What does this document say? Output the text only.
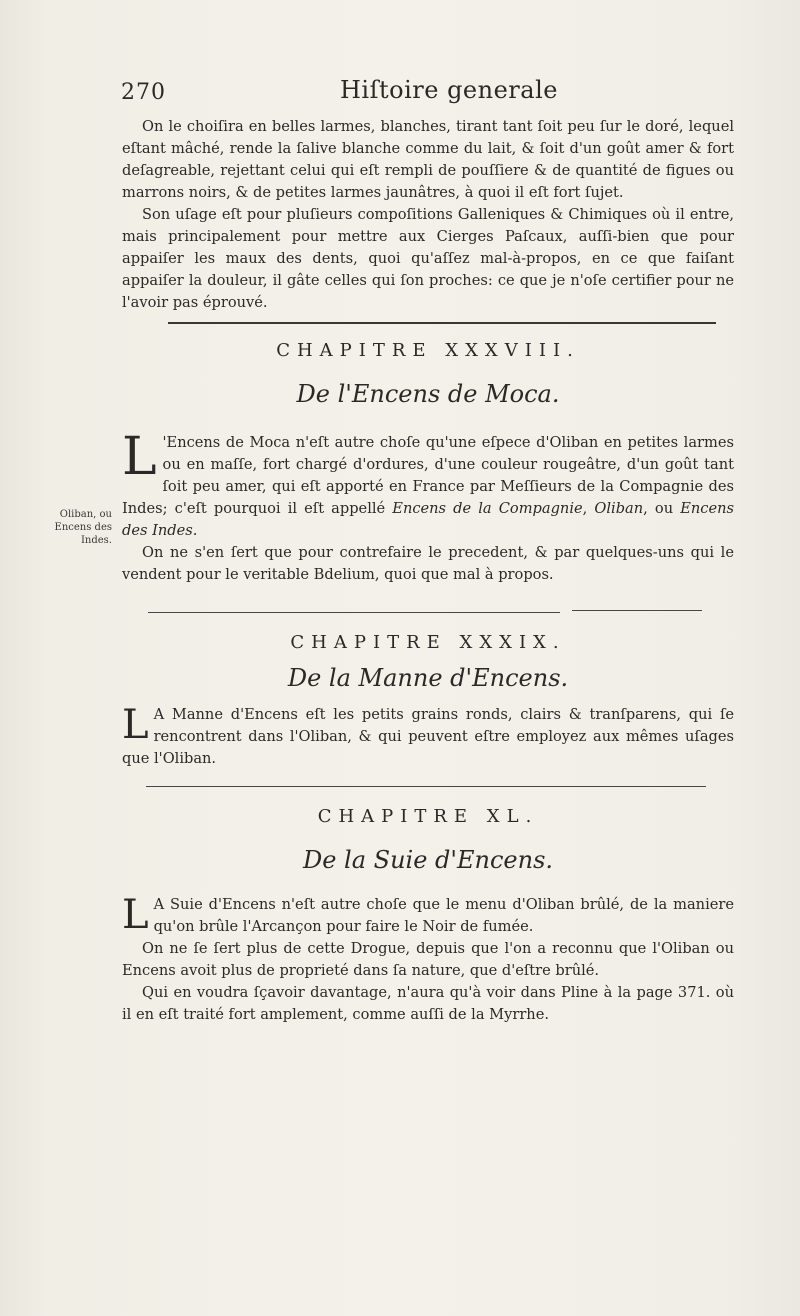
270	Hiſtoire generale

On le choiſira en belles larmes, blanches, tirant tant ſoit peu ſur le doré, lequel eſtant mâché, rende la ſalive blanche comme du lait, & ſoit d'un goût amer & fort deſagreable, rejettant celui qui eſt rempli de pouſſiere & de quantité de figues ou marrons noirs, & de petites larmes jaunâtres, à quoi il eſt fort ſujet.

Son uſage eſt pour pluſieurs compoſitions Galleniques & Chimiques où il entre, mais principalement pour mettre aux Cierges Paſcaux, auſſi-bien que pour appaiſer les maux des dents, quoi qu'aſſez mal-à-propos, en ce que faiſant appaiſer la douleur, il gâte celles qui ſon proches: ce que je n'oſe certifier pour ne l'avoir pas éprouvé.

CHAPITRE XXXVIII.
De l'Encens de Moca.

L 'Encens de Moca n'eſt autre choſe qu'une eſpece d'Oliban en petites larmes ou en maſſe, fort chargé d'ordures, d'une couleur rougeâtre, d'un goût tant ſoit peu amer, qui eſt apporté en France par Meſſieurs de la Compagnie des Indes; c'eſt pourquoi il eſt appellé Encens de la Compagnie, Oliban, ou Encens des Indes.

On ne s'en ſert que pour contrefaire le precedent, & par quelques-uns qui le vendent pour le veritable Bdelium, quoi que mal à propos.

Oliban, ou Encens des Indes.
CHAPITRE XXXIX.
De la Manne d'Encens.

L A Manne d'Encens eſt les petits grains ronds, clairs & tranſparens, qui ſe rencontrent dans l'Oliban, & qui peuvent eſtre employez aux mêmes uſages que l'Oliban.

CHAPITRE XL.
De la Suie d'Encens.

L A Suie d'Encens n'eſt autre choſe que le menu d'Oliban brûlé, de la maniere qu'on brûle l'Arcançon pour faire le Noir de fumée.

On ne ſe ſert plus de cette Drogue, depuis que l'on a reconnu que l'Oliban ou Encens avoit plus de proprieté dans ſa nature, que d'eſtre brûlé.

Qui en voudra ſçavoir davantage, n'aura qu'à voir dans Pline à la page 371. où il en eſt traité fort amplement, comme auſſi de la Myrrhe.
